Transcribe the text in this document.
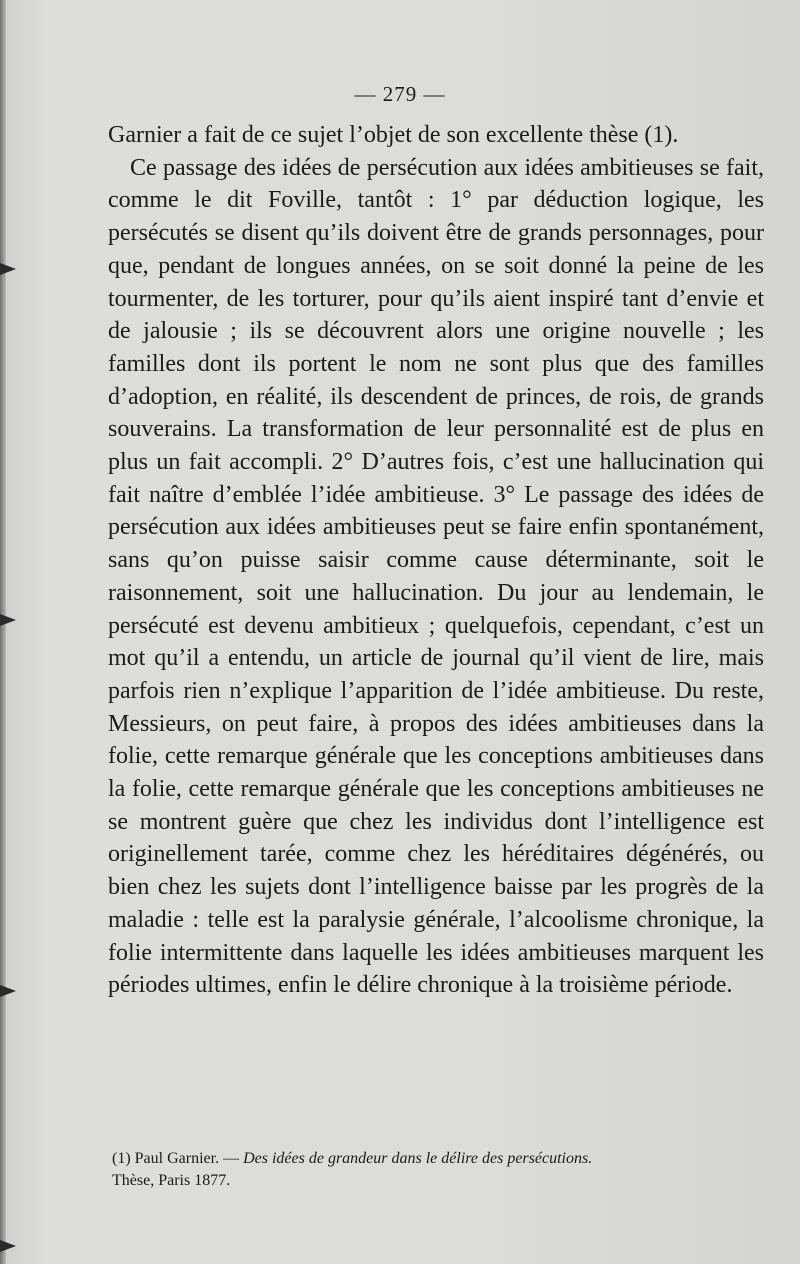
— 279 —

Garnier a fait de ce sujet l’objet de son excellente thèse (1).

Ce passage des idées de persécution aux idées ambitieuses se fait, comme le dit Foville, tantôt : 1° par déduction logique, les persécutés se disent qu’ils doivent être de grands personnages, pour que, pendant de longues années, on se soit donné la peine de les tourmenter, de les torturer, pour qu’ils aient inspiré tant d’envie et de jalousie ; ils se découvrent alors une origine nouvelle ; les familles dont ils portent le nom ne sont plus que des familles d’adoption, en réalité, ils descendent de princes, de rois, de grands souverains. La transformation de leur personnalité est de plus en plus un fait accompli. 2° D’autres fois, c’est une hallucination qui fait naître d’emblée l’idée ambitieuse. 3° Le passage des idées de persécution aux idées ambitieuses peut se faire enfin spontanément, sans qu’on puisse saisir comme cause déterminante, soit le raisonnement, soit une hallucination. Du jour au lendemain, le persécuté est devenu ambitieux ; quelquefois, cependant, c’est un mot qu’il a entendu, un article de journal qu’il vient de lire, mais parfois rien n’explique l’apparition de l’idée ambitieuse. Du reste, Messieurs, on peut faire, à propos des idées ambitieuses dans la folie, cette remarque générale que les conceptions ambitieuses dans la folie, cette remarque générale que les conceptions ambitieuses ne se montrent guère que chez les individus dont l’intelligence est originellement tarée, comme chez les héréditaires dégénérés, ou bien chez les sujets dont l’intelligence baisse par les progrès de la maladie : telle est la paralysie générale, l’alcoolisme chronique, la folie intermittente dans laquelle les idées ambitieuses marquent les périodes ultimes, enfin le délire chronique à la troisième période.

(1) Paul Garnier. — Des idées de grandeur dans le délire des persécutions.
Thèse, Paris 1877.
